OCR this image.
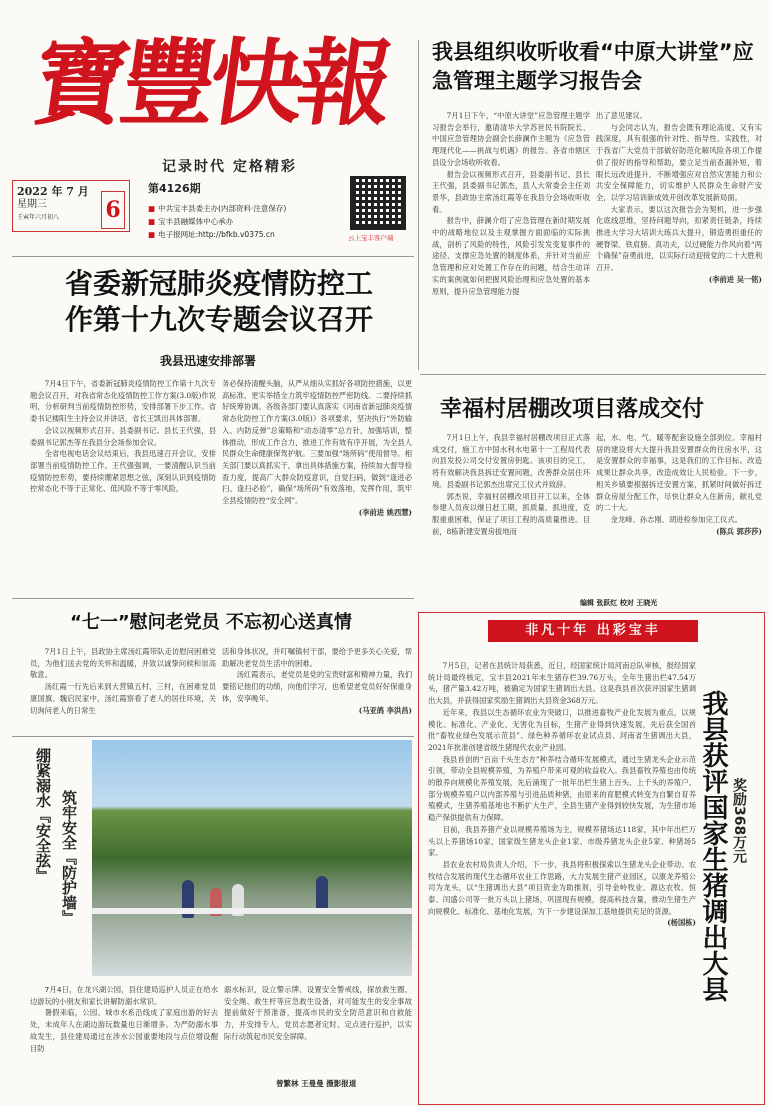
寶豐快報
记录时代 定格精彩
2022 年 7 月
星期三
壬寅年六月初八	6
第4126期
■ 中共宝丰县委主办(内部资料·注意保存)
■ 宝丰县融媒体中心承办
■ 电子报网址:http://bfkb.v0375.cn	云上宝丰客户端
我县组织收听收看“中原大讲堂”应急管理主题学习报告会

7月1日下午，“中原大讲堂”应急管理主题学习报告会举行，邀请清华大学苏世民书院院长、中国应急管理协会副会长薛澜作主题为《应急管理现代化——挑战与机遇》的报告。各省市辖区县设分会场收听收看。

报告会以视频形式召开，县委副书记、县长王代强，县委副书记郭杰，县人大常委会主任刘景华，县政协主席汤红霞等在我县分会场收听收看。

报告中，薛澜介绍了应急管理在新时期发展中的战略地位以及主观掌握方面面临的实际挑战，剖析了风险的特性，风险引发发变复事件的途径、支撑应急处置的制度体系，并针对当前应急管理和应对处置工作存在的问题，结合生动详实的案例就如何把握风险治理和应急处置的基本原则，提升应急管理能力提

出了意见建议。

与会同志认为，报告会既有理论高度，又有实践深度，具有很强的针对性、指导性、实践性，对于我省广大党员干部做好防范化解风险各项工作提供了很好的指导和帮助，要立足当前查漏补短，着眼长远改进提升，不断增强应对自然灾害能力和公共安全保障能力，切实维护人民群众生命财产安全，以学习培训新成效开创改革发展新局面。

大家表示，要以这次报告会为契机，进一步强化底线思维，坚持问题导向，扣紧责任链条，持续推进大学习大培训大练兵大提升，锻造勇担重任的硬脊梁、铁肩膀、真功夫，以过硬能力作风向着“两个确保”奋勇前进，以实际行动迎接党的二十大胜利召开。

(李前进 吴一铭)

省委新冠肺炎疫情防控工
作第十九次专题会议召开
我县迅速安排部署

7月4日下午，省委新冠肺炎疫情防控工作第十九次专题会议召开，对我省常态化疫情防控工作方案(3.0版)作说明，分析研判当前疫情防控形势，安排部署下步工作。省委书记楼阳生主持会议并讲话，省长王凯出具体部署。

会议以视频形式召开。县委副书记、县长王代强，县委副书记郭杰等在我县分会场参加会议。

全省电视电话会议结束后，我县迅速召开会议，安排部署当前疫情防控工作。王代强强调，一要清醒认识当前疫情防控形势，要持续绷紧思想之弦，深刻认识到疫情防控常态化不等于正常化、低风险不等于零风险，

务必保持清醒头脑，从严从细从实抓好各项防控措施，以更高标准、更实举措全力筑牢疫情防控严密防线。二要持续抓好统筹协调。各级各部门要认真落实《河南省新冠肺炎疫情常态化防控工作方案(3.0版)》各项要求，坚决执行“外防输入、内防反弹”总策略和“动态清零”总方针，加强培训，整体推动，形成工作合力，推进工作有效有序开展，为全县人民群众生命健康保驾护航。三要加强“场所码”使用督导。相关部门要以真抓实干，拿出具体措施方案，持续加大督导检查力度，提高广大群众防疫意识，自觉扫码，做到“逢进必扫、逢扫必验”，确保“场所码”有效落地，发挥作用，筑牢全县疫情防控“安全网”。

(李前进 姚西慧)

幸福村居棚改项目落成交付

7月1日上午，我县幸福村居棚改项目正式落成交付，施工方中国水利水电第十一工程局代表向县发投公司交付安置房钥匙。该项目的完工，将有效解决我县拆迁安置问题，改善群众居住环境。县委副书记郭杰出席完工仪式并致辞。

郭杰说，幸福村居棚改项目开工以来，全体参建人员夜以继日赶工期，抓质量、抓进度，克服重重困难，保证了项目工程的高质量推进。目前，8栋新建安置房拔地而

起，水、电、气、暖等配套设施全部到位。幸福村居的建设将大大提升我县安置群众的住房水平，这是安置群众的幸福事，这是我们的工作目标。改造成果让群众共享，改造成效让人民检验。下一步，相关乡镇要根据拆迁安置方案，抓紧时间做好拆迁群众房屋分配工作，尽快让群众入住新房，献礼党的二十大。

金龙峰、孙志刚、胡进检参加完工仪式。

(陈兵 郭莎莎)

编辑 张跃红 校对 王晓光
“七一”慰问老党员 不忘初心送真情

7月1日上午，县政协主席汤红霞带队走访慰问困难党员，为他们送去党的关怀和温暖，并致以诚挚问候和崇高敬意。

汤红霞一行先后来到大营镇五村、三村，在困难党员康国旗、魏启民家中，汤红霞察看了老人的居住环境，关切询问老人的日常生

活和身体状况，并叮嘱镇村干部，要给予更多关心关爱，帮助解决老党员生活中的困难。

汤红霞表示，老党员是党的宝贵财富和精神力量，我们要铭记他们的功绩，向他们学习，也希望老党员好好保重身体，安享晚年。

(马亚鸽 李洪昌)

绷紧溺水『安全弦』 筑牢安全『防护墙』

7月4日，在龙兴湖公园，县住建局巡护人员正在给水边游玩的小朋友和家长讲解防溺水常识。

暑假来临，公园、城市水系沿线成了家庭出游的好去处，未成年人在湖边游玩数量也日渐增多。为严防溺水事故发生，县住建局通过在涉水公园重要地段与点位增设醒目防

溺水标识，设立警示牌、设置安全警戒线，探放救生圈、安全绳、救生杆等应急救生设备，对可能发生的安全事故提前做好干预准备，提高市民的安全防范意识和自救能力，并安排专人，党员志愿者定时、定点进行巡护，以实际行动筑起市民安全屏障。

曾繁林 王曼曼 摄影报道
非凡十年 出彩宝丰

7月5日，记者在县统计局获悉，近日，经国家统计局河南总队审核，报经国家统计局最终核定，宝丰县2021年末生猪存栏39.76万头，全年生猪出栏47.54万头，猪产量3.42万吨，被确定为国家生猪调出大县。这是我县首次获评国家生猪调出大县，并获得国家奖励生猪调出大县资金368万元。

近年来，我县以生态循环农业为突破口，以推进畜牧产业化发展为重点，以规模化、标准化、产业化、无害化为目标，生猪产业得到快速发展，先后获全国首批“畜牧业绿色发展示范县”、绿色种养循环农业试点县、河南省生猪调出大县，2021年批准创建省级生猪现代农业产业园。

我县首创的“百亩千头生态方”种养结合循环发展模式，通过生猪龙头企业示范引领，带动全县规模养殖，为养殖户带来可观的收益收入。我县畜牧养殖也由传统的散养向规模化养殖发展，先后涌现了一批年出栏生猪上百头、上千头的养殖户。部分规模养殖户以内部养殖与引进品质种猪，由原来的育肥模式转变为自繁自育养殖模式，生猪养殖基地也不断扩大生产，全县生猪产业得到较快发展，为生猪市场稳产保供提供有力保障。

目前，我县养猪产业以规模养殖场为主，规模养猪场达118家，其中年出栏万头以上养猪场10家，国家级生猪龙头企业1家、市级养猪龙头企业5家、种猪场5家。

县农业农村局负责人介绍，下一步，我县将积极探索以生猪龙头企业带动、农牧结合发展的现代生态循环农业工作思路，大力发展生猪产业园区，以康龙养殖公司为龙头，以“生猪调出大县”项目资金为助推剂，引导金岭牧业、源达农牧、恒泰、闰盛公司等一批万头以上猪场，巩固现有规模，提高科技含量，推动生猪生产向规模化、标准化、基地化发展，为下一步建设深加工基地提供充足的货源。

(杨国栋) 我县获评国家生猪调出大县 奖励368万元
